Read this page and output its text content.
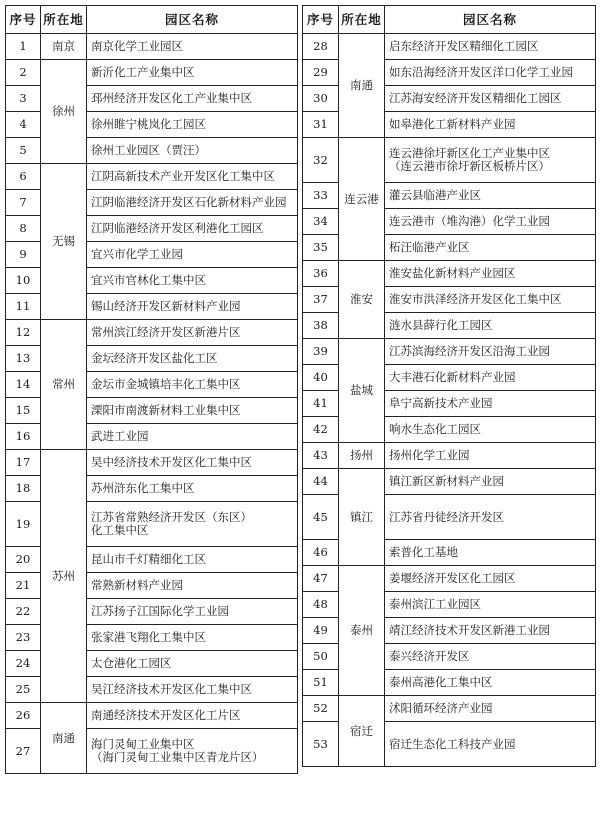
序号	所在地	园区名称
1	南京	南京化学工业园区
2	徐州	新沂化工产业集中区
3		邳州经济开发区化工产业集中区
4		徐州睢宁桃岚化工园区
5		徐州工业园区（贾汪）
6	无锡	江阴高新技术产业开发区化工集中区
7		江阴临港经济开发区石化新材料产业园
8		江阴临港经济开发区利港化工园区
9		宜兴市化学工业园
10		宜兴市官林化工集中区
11		锡山经济开发区新材料产业园
12	常州	常州滨江经济开发区新港片区
13		金坛经济开发区盐化工区
14		金坛市金城镇培丰化工集中区
15		溧阳市南渡新材料工业集中区
16		武进工业园
17	苏州	吴中经济技术开发区化工集中区
18		苏州浒东化工集中区
19		江苏省常熟经济开发区（东区）
化工集中区
20		昆山市千灯精细化工区
21		常熟新材料产业园
22		江苏扬子江国际化学工业园
23		张家港飞翔化工集中区
24		太仓港化工园区
25		吴江经济技术开发区化工集中区
26	南通	南通经济技术开发区化工片区
27		海门灵甸工业集中区
（海门灵甸工业集中区青龙片区）
序号	所在地	园区名称
28	南通	启东经济开发区精细化工园区
29		如东沿海经济开发区洋口化学工业园
30		江苏海安经济开发区精细化工园区
31		如皋港化工新材料产业园
32	连云港	连云港徐圩新区化工产业集中区
（连云港市徐圩新区板桥片区）
33		灌云县临港产业区
34		连云港市（堆沟港）化学工业园
35		柘汪临港产业区
36	淮安	淮安盐化新材料产业园区
37		淮安市洪泽经济开发区化工集中区
38		涟水县薛行化工园区
39	盐城	江苏滨海经济开发区沿海工业园
40		大丰港石化新材料产业园
41		阜宁高新技术产业园
42		响水生态化工园区
43	扬州	扬州化学工业园
44	镇江	镇江新区新材料产业园
45		江苏省丹徒经济开发区
46		索普化工基地
47	泰州	姜堰经济开发区化工园区
48		泰州滨江工业园区
49		靖江经济技术开发区新港工业园
50		泰兴经济开发区
51		泰州高港化工集中区
52	宿迁	沭阳循环经济产业园
53		宿迁生态化工科技产业园
